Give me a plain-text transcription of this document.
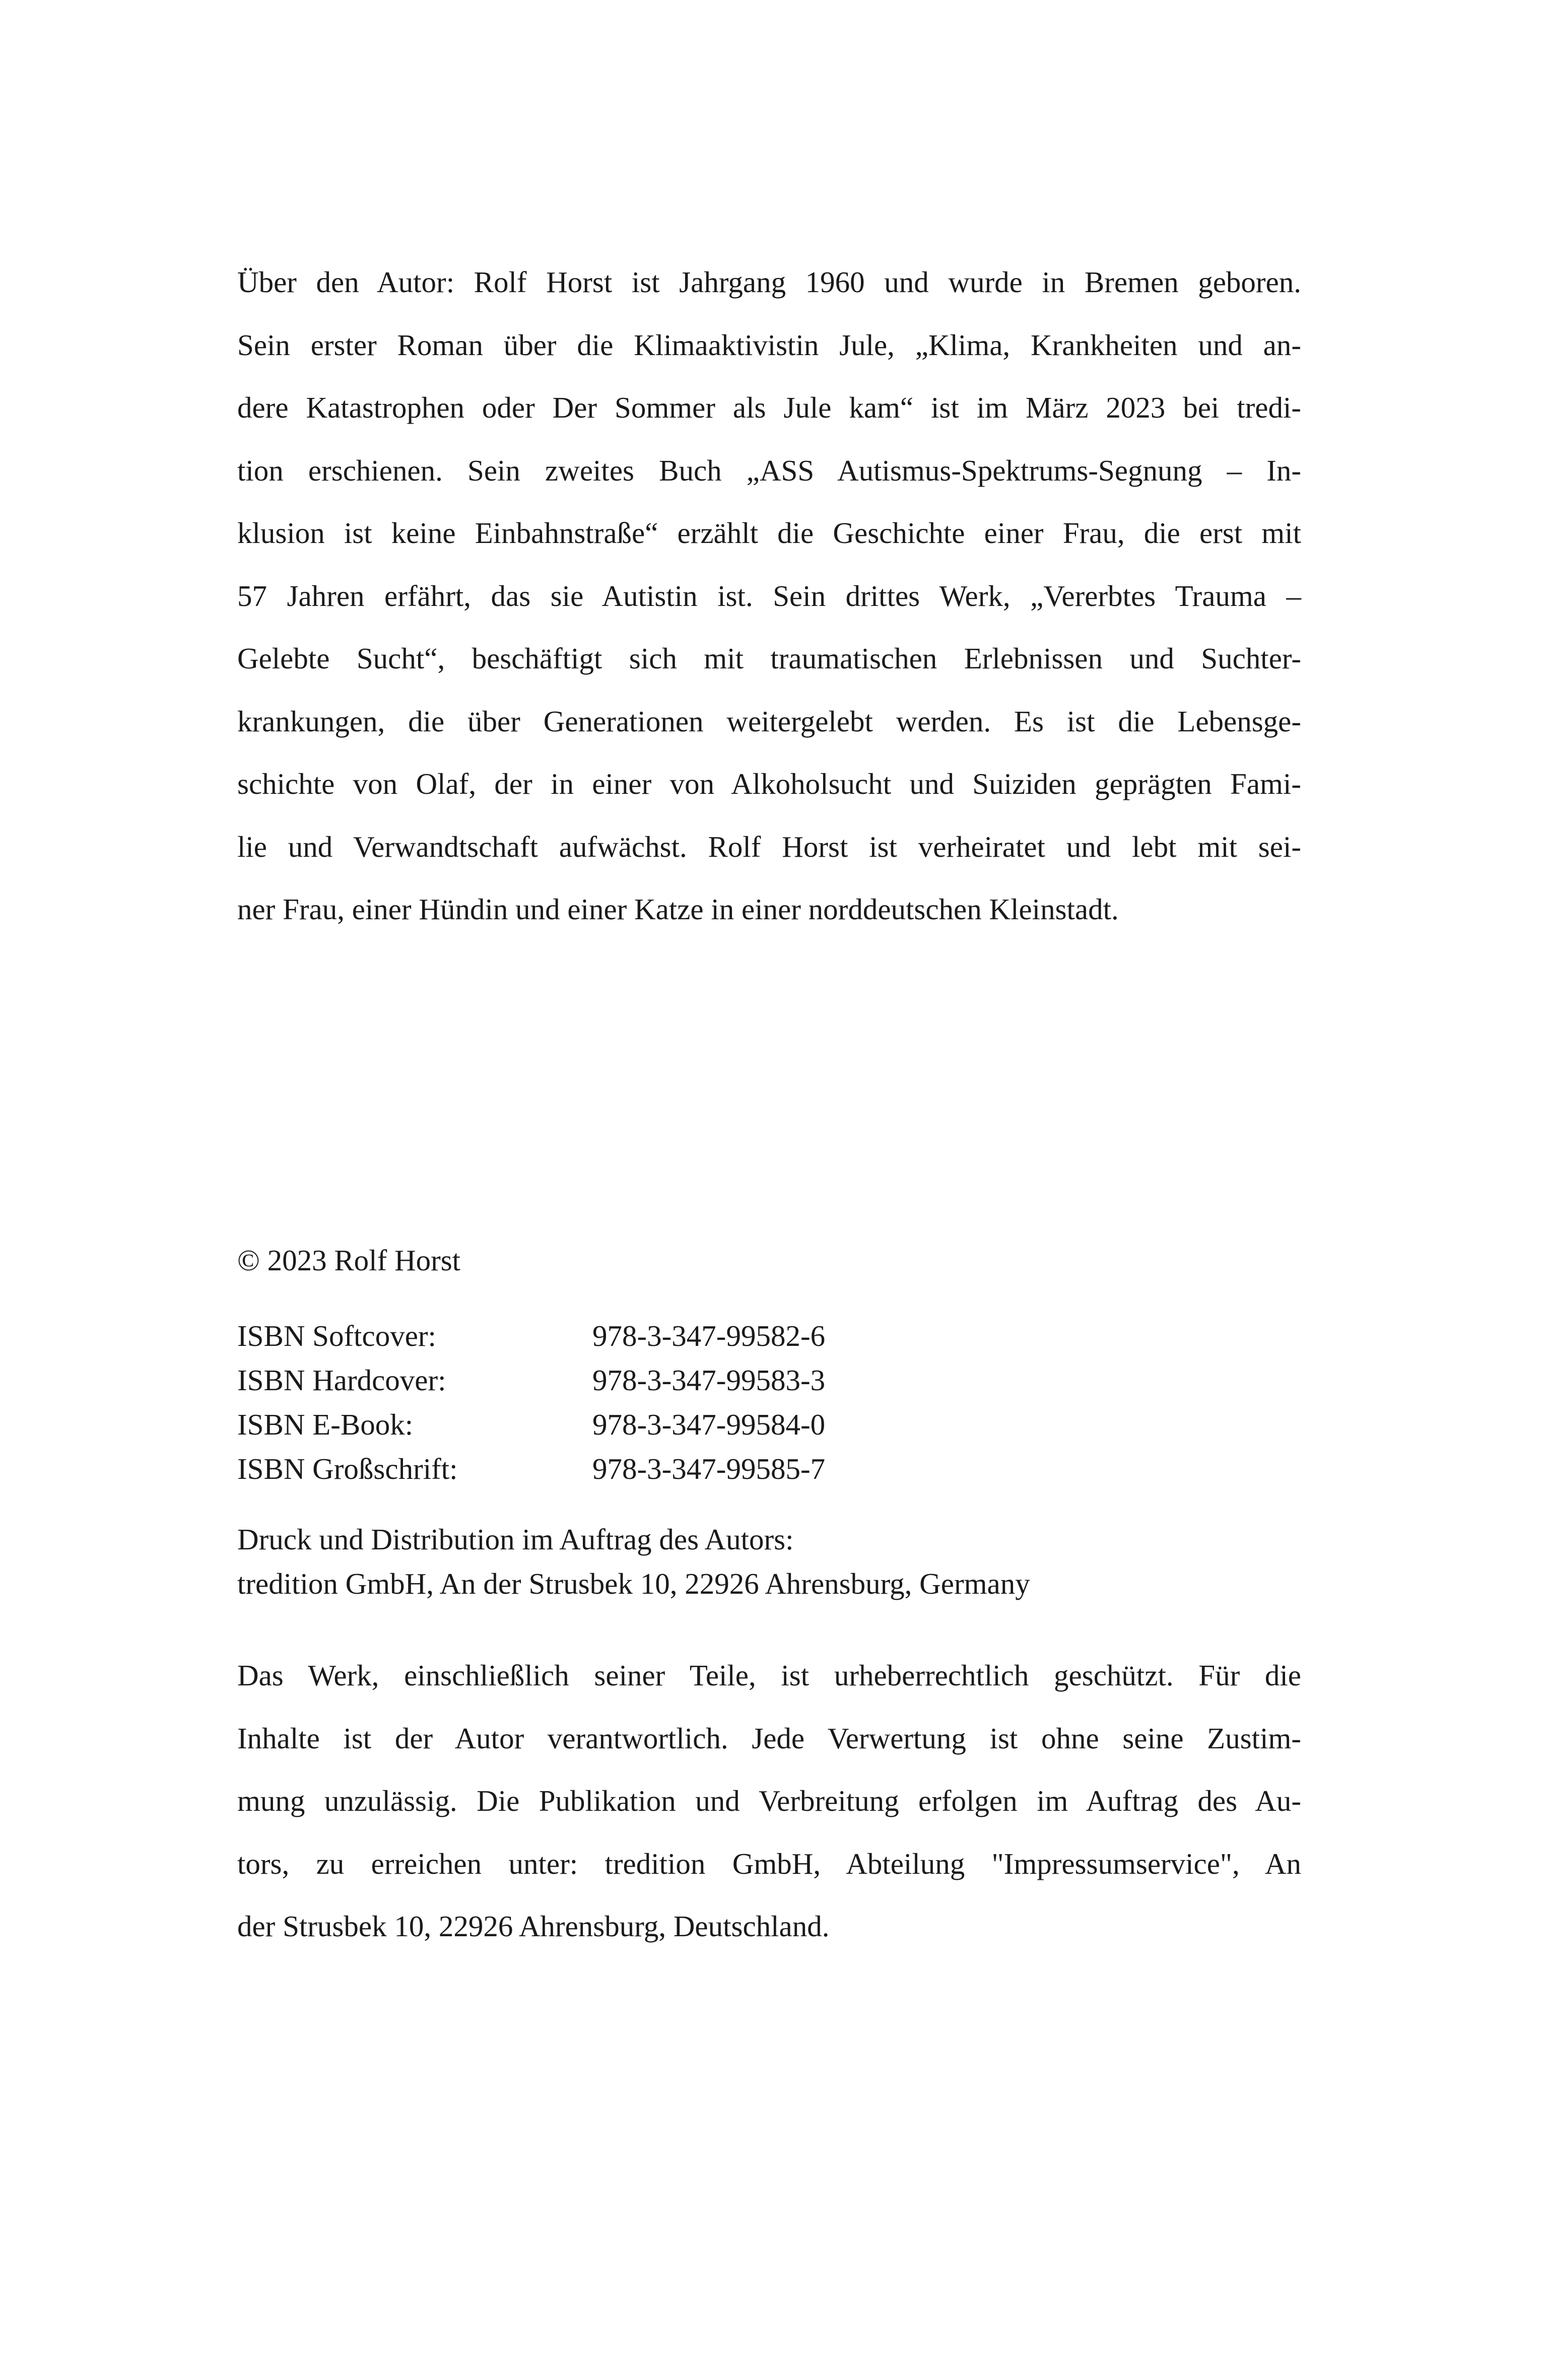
Über den Autor: Rolf Horst ist Jahrgang 1960 und wurde in Bremen geboren.
Sein erster Roman über die Klimaaktivistin Jule, „Klima, Krankheiten und an-
dere Katastrophen oder Der Sommer als Jule kam“ ist im März 2023 bei tredi-
tion erschienen. Sein zweites Buch „ASS Autismus-Spektrums-Segnung – In-
klusion ist keine Einbahnstraße“ erzählt die Geschichte einer Frau, die erst mit
57 Jahren erfährt, das sie Autistin ist. Sein drittes Werk, „Vererbtes Trauma –
Gelebte Sucht“, beschäftigt sich mit traumatischen Erlebnissen und Suchter-
krankungen, die über Generationen weitergelebt werden. Es ist die Lebensge-
schichte von Olaf, der in einer von Alkoholsucht und Suiziden geprägten Fami-
lie und Verwandtschaft aufwächst. Rolf Horst ist verheiratet und lebt mit sei-
ner Frau, einer Hündin und einer Katze in einer norddeutschen Kleinstadt.
© 2023 Rolf Horst
ISBN Softcover:	978-3-347-99582-6
ISBN Hardcover:	978-3-347-99583-3
ISBN E-Book:	978-3-347-99584-0
ISBN Großschrift:	978-3-347-99585-7
Druck und Distribution im Auftrag des Autors:
tredition GmbH, An der Strusbek 10, 22926 Ahrensburg, Germany
Das Werk, einschließlich seiner Teile, ist urheberrechtlich geschützt. Für die
Inhalte ist der Autor verantwortlich. Jede Verwertung ist ohne seine Zustim-
mung unzulässig. Die Publikation und Verbreitung erfolgen im Auftrag des Au-
tors, zu erreichen unter: tredition GmbH, Abteilung "Impressumservice", An
der Strusbek 10, 22926 Ahrensburg, Deutschland.
